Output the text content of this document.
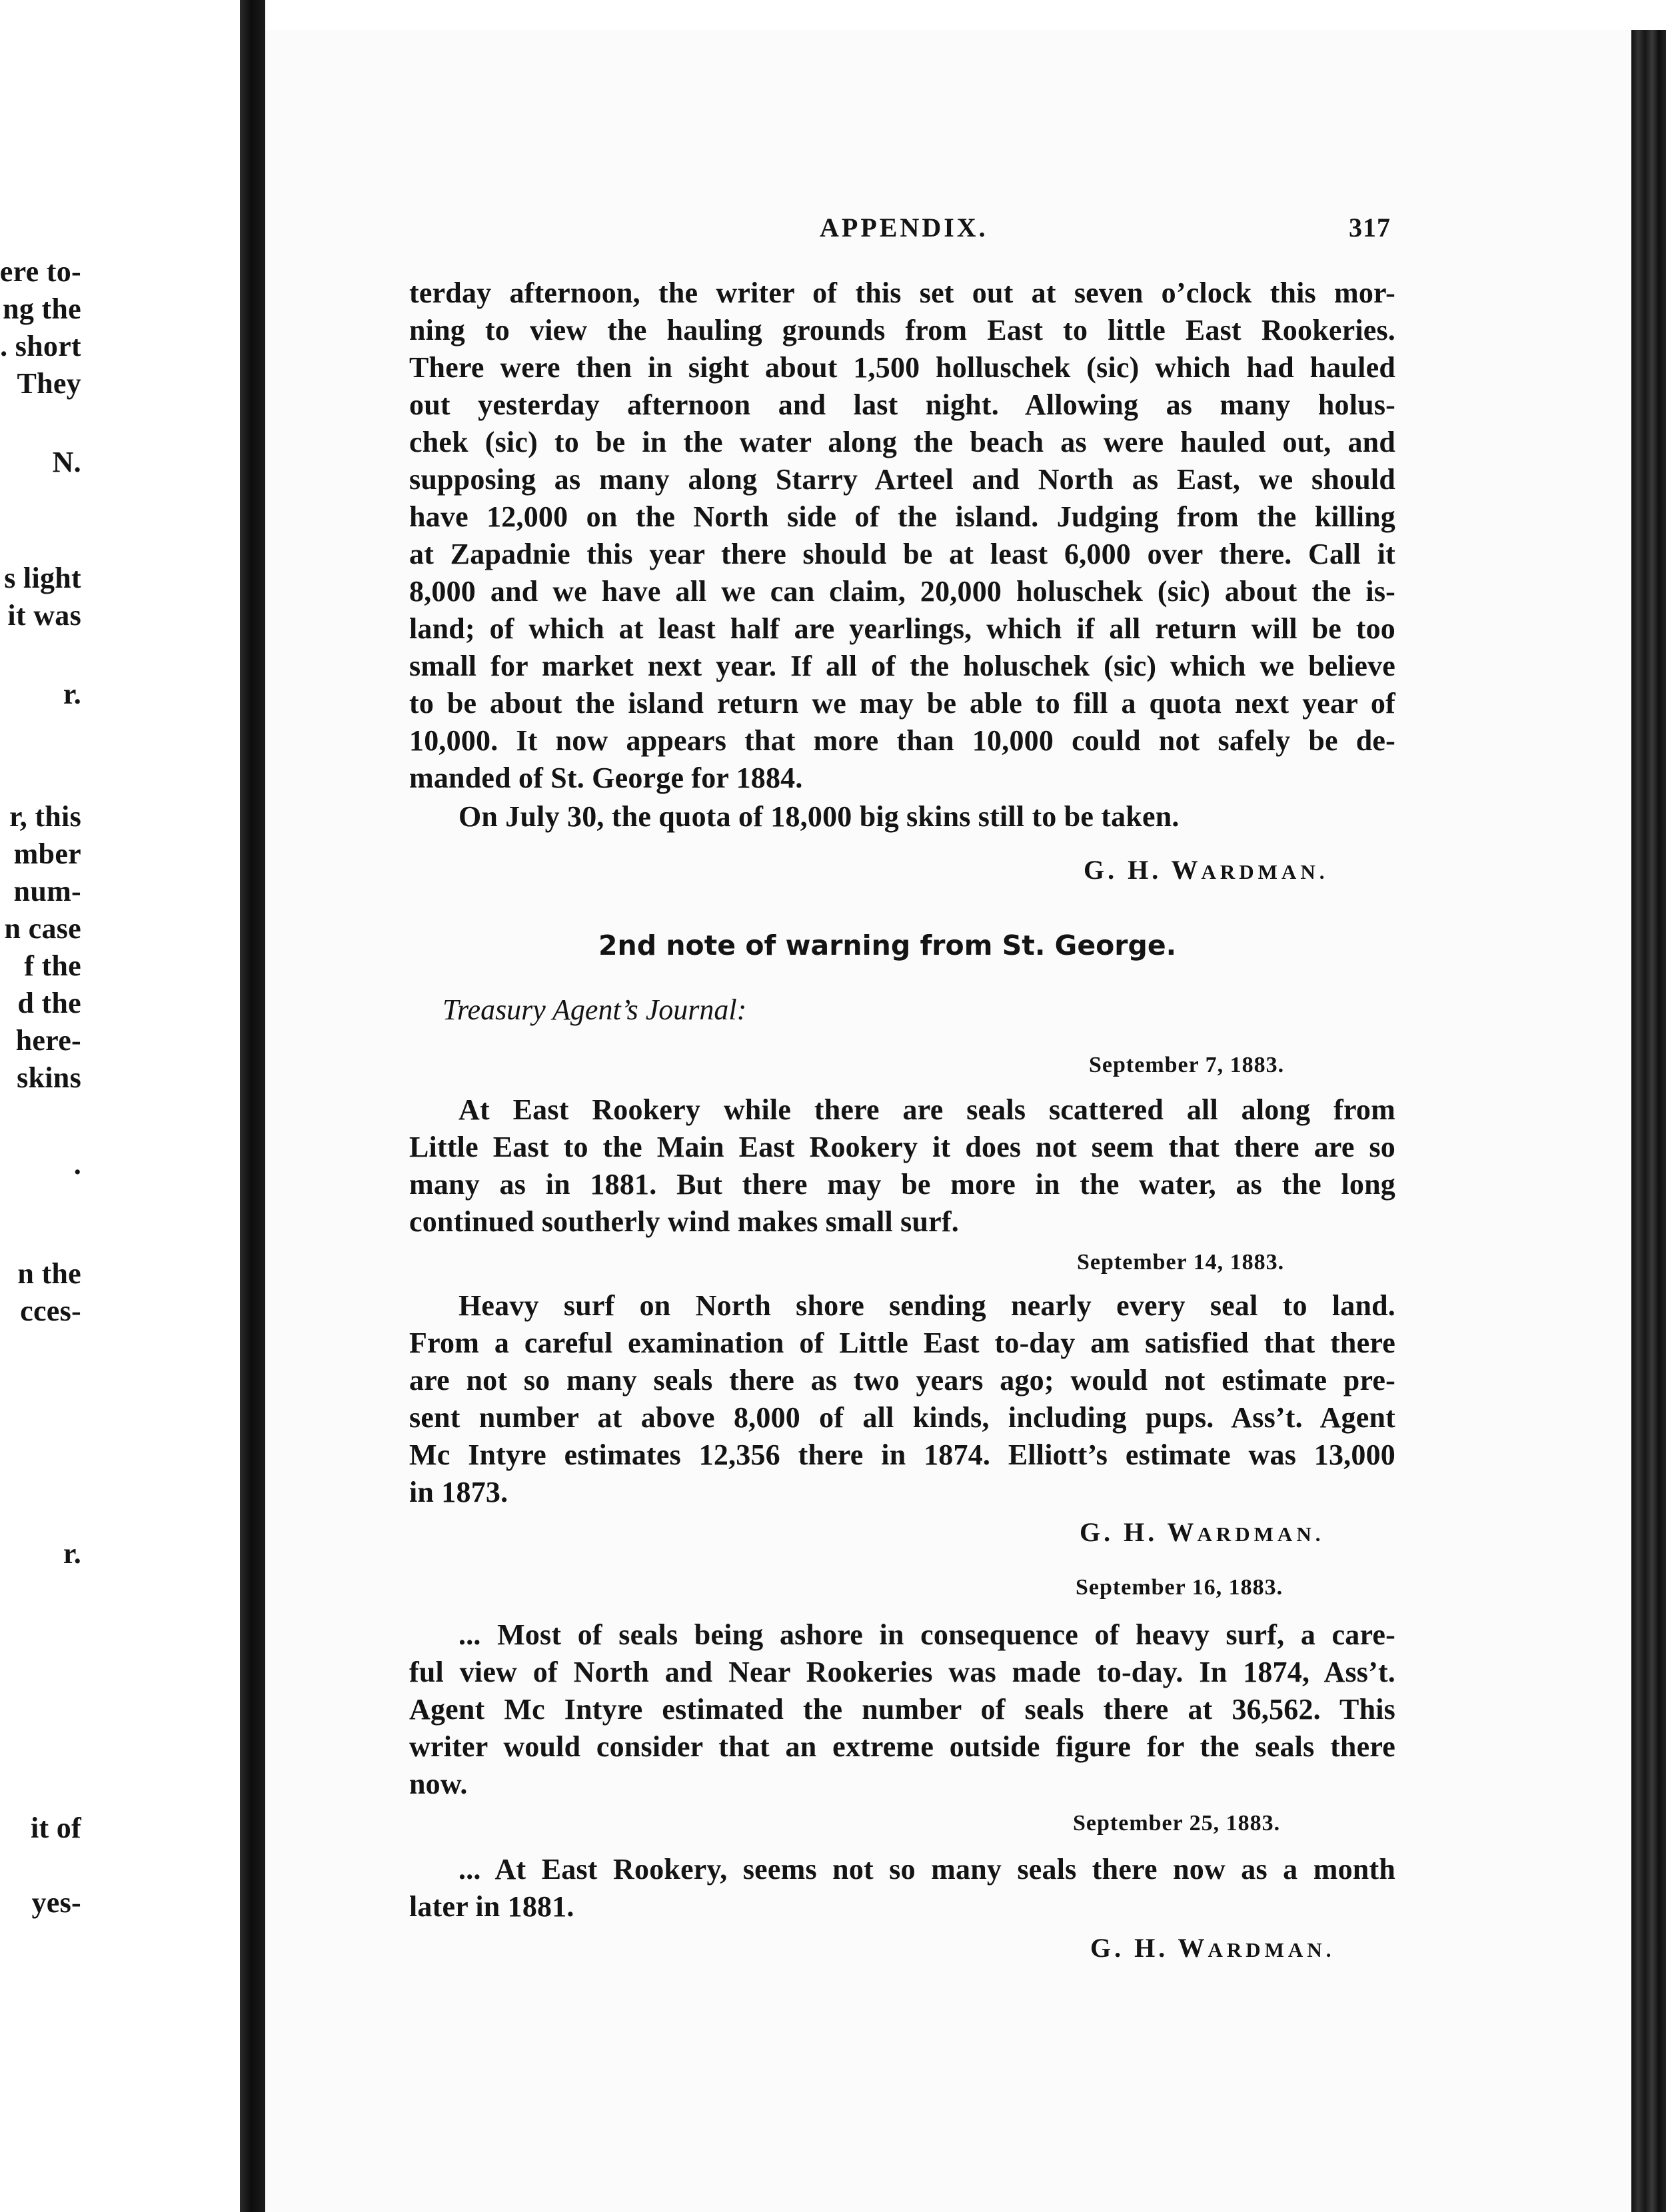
ere to-
ng the
. short
They
N.
s light
it was
r.
r, this
mber
num-
n case
f the
d the
here-
skins
.
n the
cces-
r.
it of
yes-
APPENDIX.	317
terday afternoon, the writer of this set out at seven o’clock this mor-
ning to view the hauling grounds from East to little East Rookeries.
There were then in sight about 1,500 holluschek (sic) which had hauled
out yesterday afternoon and last night. Allowing as many holus-
chek (sic) to be in the water along the beach as were hauled out, and
supposing as many along Starry Arteel and North as East, we should
have 12,000 on the North side of the island. Judging from the killing
at Zapadnie this year there should be at least 6,000 over there. Call it
8,000 and we have all we can claim, 20,000 holuschek (sic) about the is-
land; of which at least half are yearlings, which if all return will be too
small for market next year. If all of the holuschek (sic) which we believe
to be about the island return we may be able to fill a quota next year of
10,000. It now appears that more than 10,000 could not safely be de-
manded of St. George for 1884.
On July 30, the quota of 18,000 big skins still to be taken.
G. H. WARDMAN.
2nd note of warning from St. George.
Treasury Agent’s Journal:
September 7, 1883.
At East Rookery while there are seals scattered all along from
Little East to the Main East Rookery it does not seem that there are so
many as in 1881. But there may be more in the water, as the long
continued southerly wind makes small surf.
September 14, 1883.
Heavy surf on North shore sending nearly every seal to land.
From a careful examination of Little East to-day am satisfied that there
are not so many seals there as two years ago; would not estimate pre-
sent number at above 8,000 of all kinds, including pups. Ass’t. Agent
Mc Intyre estimates 12,356 there in 1874. Elliott’s estimate was 13,000
in 1873.
G. H. WARDMAN.
September 16, 1883.
... Most of seals being ashore in consequence of heavy surf, a care-
ful view of North and Near Rookeries was made to-day. In 1874, Ass’t.
Agent Mc Intyre estimated the number of seals there at 36,562. This
writer would consider that an extreme outside figure for the seals there
now.
September 25, 1883.
... At East Rookery, seems not so many seals there now as a month
later in 1881.
G. H. WARDMAN.
